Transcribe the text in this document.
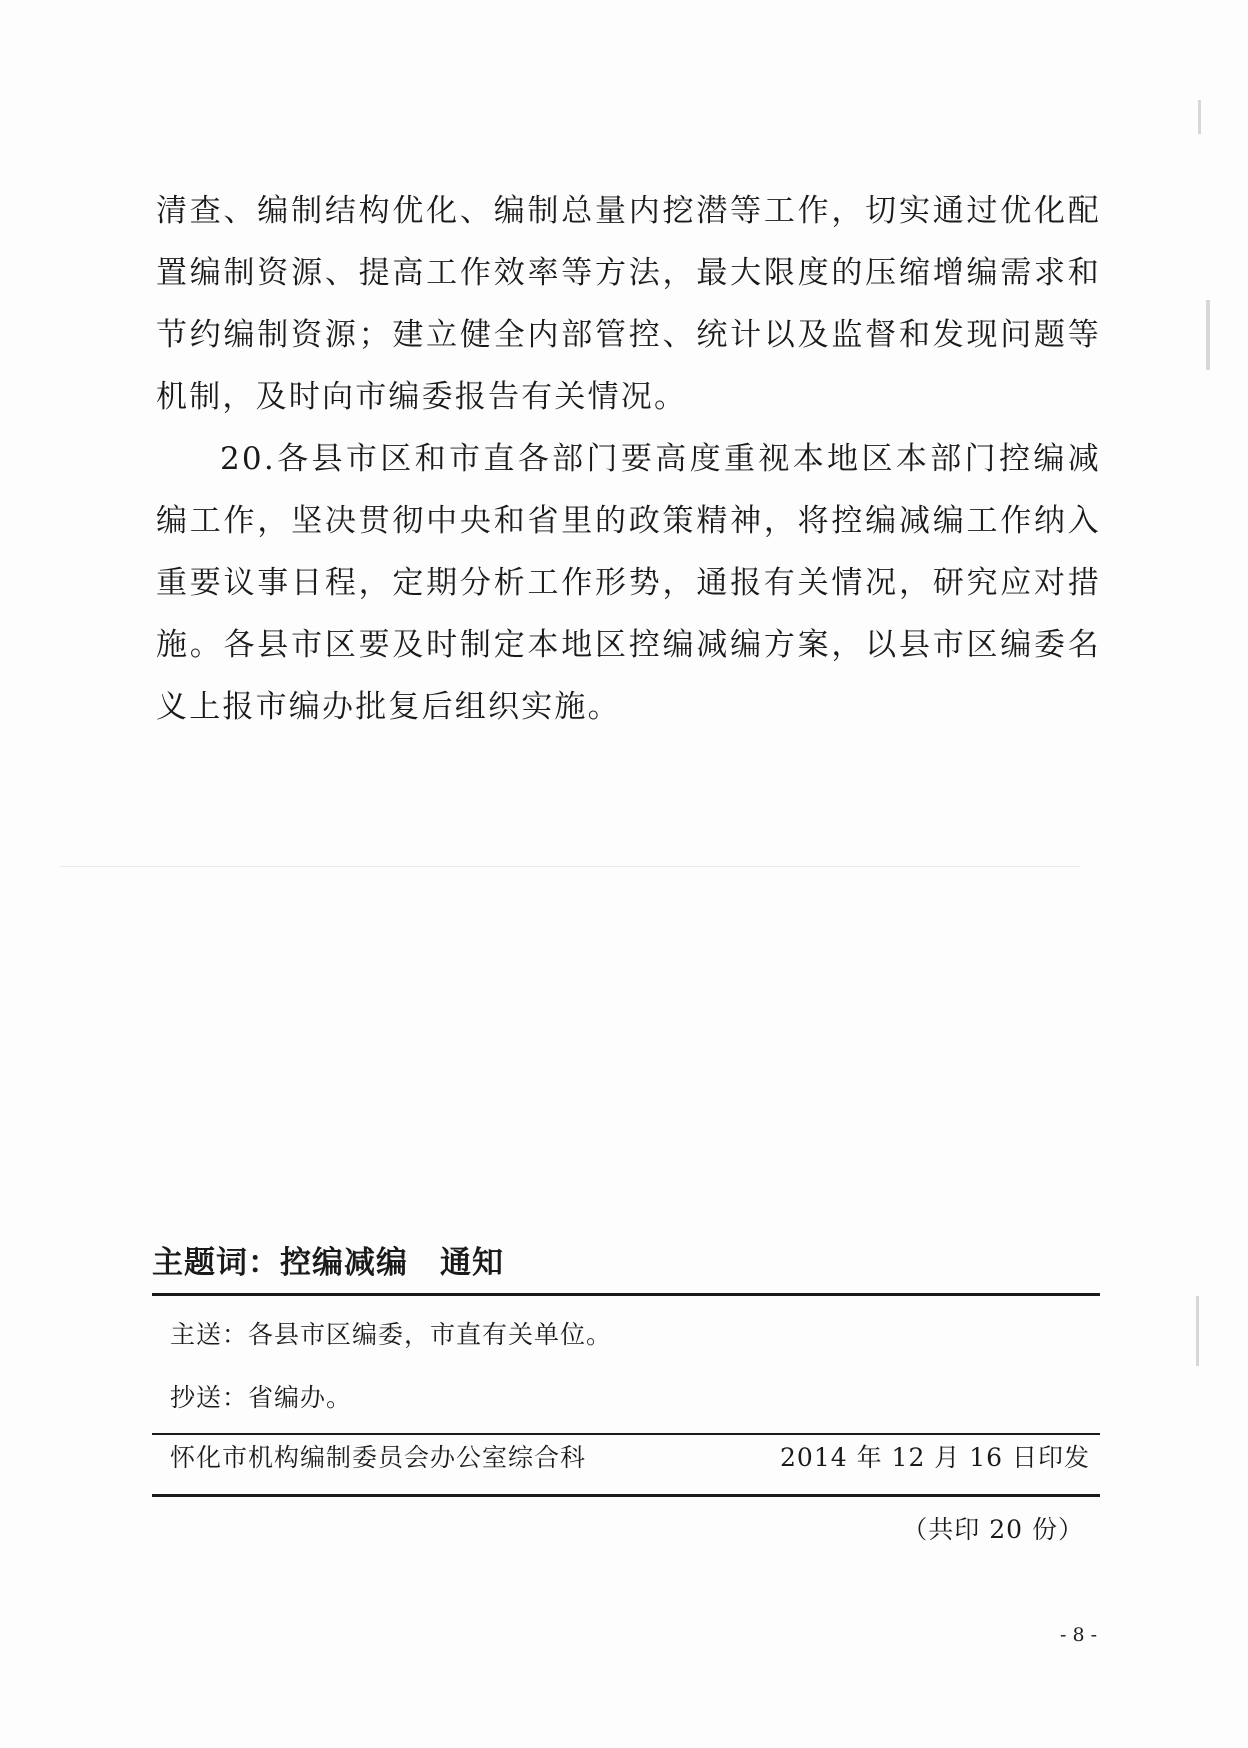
清查、编制结构优化、编制总量内挖潜等工作，切实通过优化配置编制资源、提高工作效率等方法，最大限度的压缩增编需求和节约编制资源；建立健全内部管控、统计以及监督和发现问题等机制，及时向市编委报告有关情况。

20.各县市区和市直各部门要高度重视本地区本部门控编减编工作，坚决贯彻中央和省里的政策精神，将控编减编工作纳入重要议事日程，定期分析工作形势，通报有关情况，研究应对措施。各县市区要及时制定本地区控编减编方案，以县市区编委名义上报市编办批复后组织实施。

主题词：控编减编　通知
主送：各县市区编委，市直有关单位。
抄送：省编办。
怀化市机构编制委员会办公室综合科	2014 年 12 月 16 日印发
（共印 20 份）
- 8 -
